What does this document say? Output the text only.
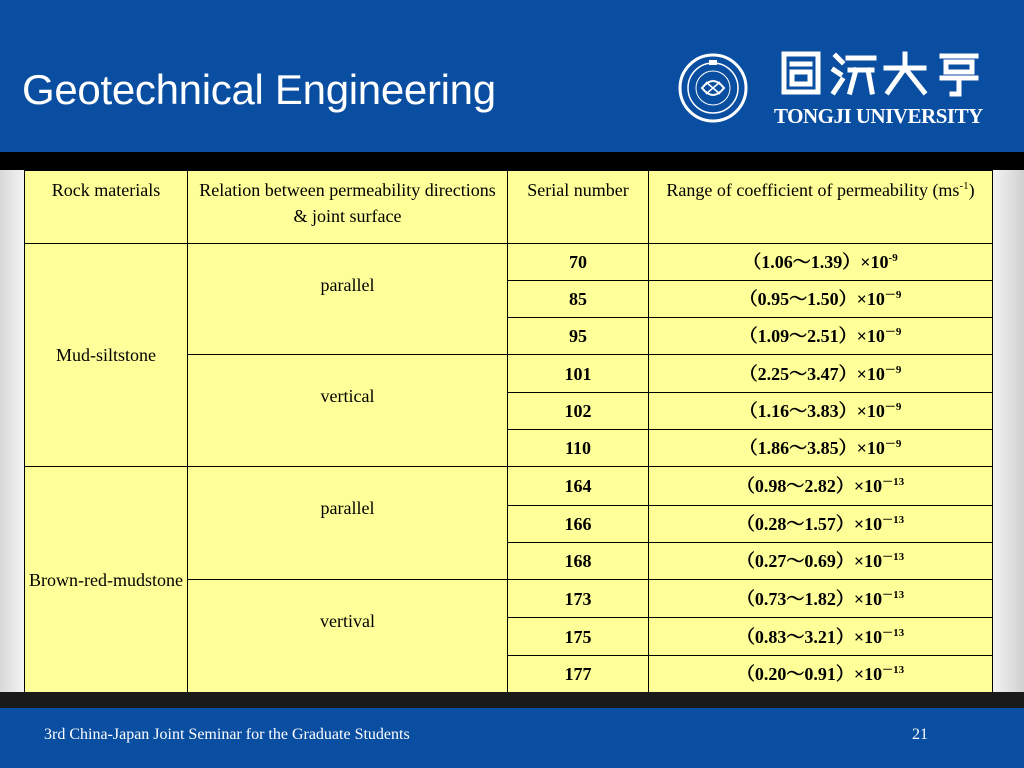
Geotechnical Engineering
TONGJI UNIVERSITY
Rock materials	Relation between permeability directions & joint surface	Serial number	Range of coefficient of permeability $(ms^{-1})$
Mud-siltstone	parallel	70	$(1.06\sim 1.39)\times 10^{-9}$
		85	$(0.95\sim 1.50)\times 10^{-9}$
		95	$(1.09\sim 2.51)\times 10^{-9}$
	vertical	101	$(2.25\sim 3.47)\times 10^{-9}$
		102	$(1.16\sim 3.83)\times 10^{-9}$
		110	$(1.86\sim 3.85)\times 10^{-9}$
Brown-red-mudstone	parallel	164	$(0.98\sim 2.82)\times 10^{-13}$
		166	$(0.28\sim 1.57)\times 10^{-13}$
		168	$(0.27\sim 0.69)\times 10^{-13}$
	vertival	173	$(0.73\sim 1.82)\times 10^{-13}$
		175	$(0.83\sim 3.21)\times 10^{-13}$
		177	$(0.20\sim 0.91)\times 10^{-13}$
3rd China-Japan Joint Seminar for the Graduate Students	21
